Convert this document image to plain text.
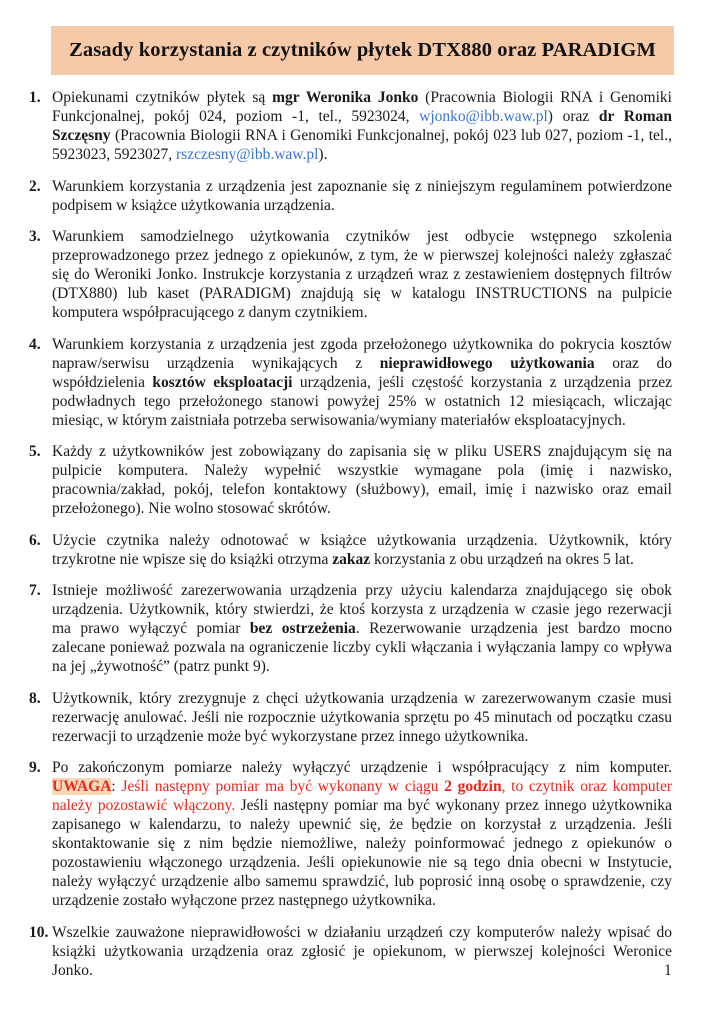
Zasady korzystania z czytników płytek DTX880 oraz PARADIGM
1. Opiekunami czytników płytek są mgr Weronika Jonko (Pracownia Biologii RNA i Genomiki Funkcjonalnej, pokój 024, poziom -1, tel., 5923024, wjonko@ibb.waw.pl) oraz dr Roman Szczęsny (Pracownia Biologii RNA i Genomiki Funkcjonalnej, pokój 023 lub 027, poziom -1, tel., 5923023, 5923027, rszczesny@ibb.waw.pl).

2. Warunkiem korzystania z urządzenia jest zapoznanie się z niniejszym regulaminem potwierdzone podpisem w książce użytkowania urządzenia.

3. Warunkiem samodzielnego użytkowania czytników jest odbycie wstępnego szkolenia przeprowadzonego przez jednego z opiekunów, z tym, że w pierwszej kolejności należy zgłaszać się do Weroniki Jonko. Instrukcje korzystania z urządzeń wraz z zestawieniem dostępnych filtrów (DTX880) lub kaset (PARADIGM) znajdują się w katalogu INSTRUCTIONS na pulpicie komputera współpracującego z danym czytnikiem.

4. Warunkiem korzystania z urządzenia jest zgoda przełożonego użytkownika do pokrycia kosztów napraw/serwisu urządzenia wynikających z nieprawidłowego użytkowania oraz do współdzielenia kosztów eksploatacji urządzenia, jeśli częstość korzystania z urządzenia przez podwładnych tego przełożonego stanowi powyżej 25% w ostatnich 12 miesiącach, wliczając miesiąc, w którym zaistniała potrzeba serwisowania/wymiany materiałów eksploatacyjnych.

5. Każdy z użytkowników jest zobowiązany do zapisania się w pliku USERS znajdującym się na pulpicie komputera. Należy wypełnić wszystkie wymagane pola (imię i nazwisko, pracownia/zakład, pokój, telefon kontaktowy (służbowy), email, imię i nazwisko oraz email przełożonego). Nie wolno stosować skrótów.

6. Użycie czytnika należy odnotować w książce użytkowania urządzenia. Użytkownik, który trzykrotne nie wpisze się do książki otrzyma zakaz korzystania z obu urządzeń na okres 5 lat.

7. Istnieje możliwość zarezerwowania urządzenia przy użyciu kalendarza znajdującego się obok urządzenia. Użytkownik, który stwierdzi, że ktoś korzysta z urządzenia w czasie jego rezerwacji ma prawo wyłączyć pomiar bez ostrzeżenia. Rezerwowanie urządzenia jest bardzo mocno zalecane ponieważ pozwala na ograniczenie liczby cykli włączania i wyłączania lampy co wpływa na jej „żywotność” (patrz punkt 9).

8. Użytkownik, który zrezygnuje z chęci użytkowania urządzenia w zarezerwowanym czasie musi rezerwację anulować. Jeśli nie rozpocznie użytkowania sprzętu po 45 minutach od początku czasu rezerwacji to urządzenie może być wykorzystane przez innego użytkownika.

9. Po zakończonym pomiarze należy wyłączyć urządzenie i współpracujący z nim komputer. UWAGA: Jeśli następny pomiar ma być wykonany w ciągu 2 godzin, to czytnik oraz komputer należy pozostawić włączony. Jeśli następny pomiar ma być wykonany przez innego użytkownika zapisanego w kalendarzu, to należy upewnić się, że będzie on korzystał z urządzenia. Jeśli skontaktowanie się z nim będzie niemożliwe, należy poinformować jednego z opiekunów o pozostawieniu włączonego urządzenia. Jeśli opiekunowie nie są tego dnia obecni w Instytucie, należy wyłączyć urządzenie albo samemu sprawdzić, lub poprosić inną osobę o sprawdzenie, czy urządzenie zostało wyłączone przez następnego użytkownika.

10. Wszelkie zauważone nieprawidłowości w działaniu urządzeń czy komputerów należy wpisać do książki użytkowania urządzenia oraz zgłosić je opiekunom, w pierwszej kolejności Weronice Jonko.	1
